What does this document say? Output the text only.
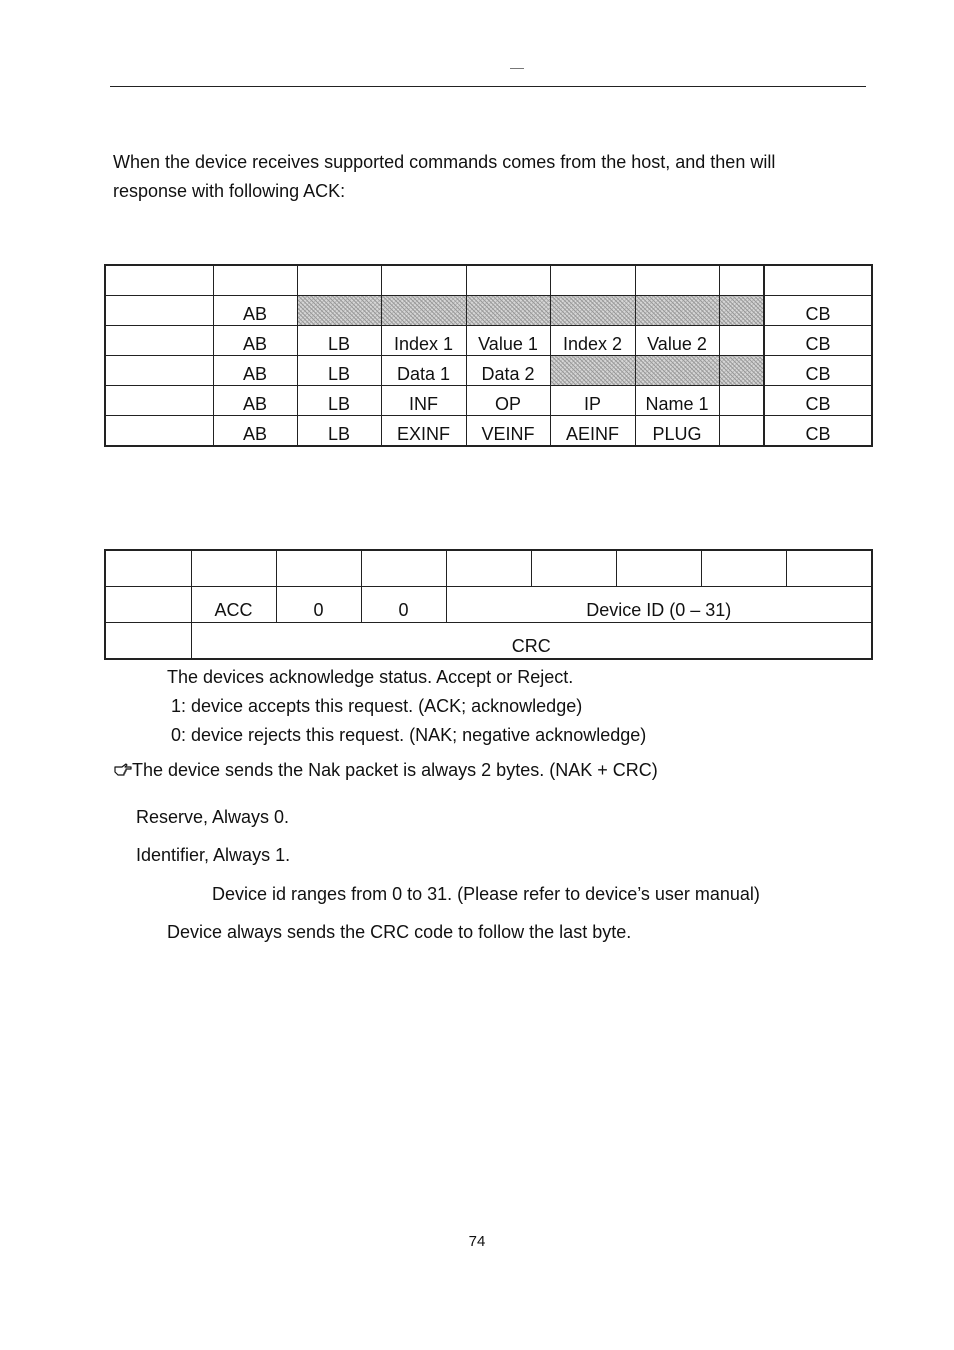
When the device receives supported commands comes from the host, and then will response with following ACK:

	AB							CB
	AB	LB	Index 1	Value 1	Index 2	Value 2		CB
	AB	LB	Data 1	Data 2				CB
	AB	LB	INF	OP	IP	Name 1		CB
	AB	LB	EXINF	VEINF	AEINF	PLUG		CB

	ACC	0	0	Device ID (0 – 31)				
	CRC							

The devices acknowledge status. Accept or Reject.

1: device accepts this request. (ACK; acknowledge)

0: device rejects this request. (NAK; negative acknowledge)

The device sends the Nak packet is always 2 bytes. (NAK + CRC)

Reserve, Always 0.

Identifier, Always 1.

Device id ranges from 0 to 31. (Please refer to device’s user manual)

Device always sends the CRC code to follow the last byte.

74
